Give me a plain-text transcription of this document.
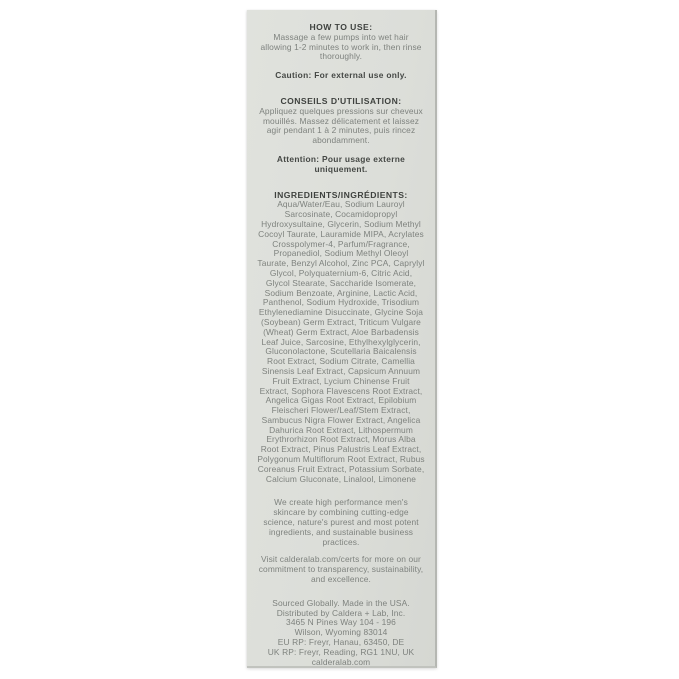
HOW TO USE:

Massage a few pumps into wet hair allowing 1-2 minutes to work in, then rinse thoroughly.

Caution: For external use only.

CONSEILS D'UTILISATION:

Appliquez quelques pressions sur cheveux mouillés. Massez délicatement et laissez agir pendant 1 à 2 minutes, puis rincez abondamment.

Attention: Pour usage externe uniquement.

INGREDIENTS/INGRÉDIENTS:

Aqua/Water/Eau, Sodium Lauroyl Sarcosinate, Cocamidopropyl Hydroxysultaine, Glycerin, Sodium Methyl Cocoyl Taurate, Lauramide MIPA, Acrylates Crosspolymer-4, Parfum/Fragrance, Propanediol, Sodium Methyl Oleoyl Taurate, Benzyl Alcohol, Zinc PCA, Caprylyl Glycol, Polyquaternium-6, Citric Acid, Glycol Stearate, Saccharide Isomerate, Sodium Benzoate, Arginine, Lactic Acid, Panthenol, Sodium Hydroxide, Trisodium Ethylenediamine Disuccinate, Glycine Soja (Soybean) Germ Extract, Triticum Vulgare (Wheat) Germ Extract, Aloe Barbadensis Leaf Juice, Sarcosine, Ethylhexylglycerin, Gluconolactone, Scutellaria Baicalensis Root Extract, Sodium Citrate, Camellia Sinensis Leaf Extract, Capsicum Annuum Fruit Extract, Lycium Chinense Fruit Extract, Sophora Flavescens Root Extract, Angelica Gigas Root Extract, Epilobium Fleischeri Flower/Leaf/Stem Extract, Sambucus Nigra Flower Extract, Angelica Dahurica Root Extract, Lithospermum Erythrorhizon Root Extract, Morus Alba Root Extract, Pinus Palustris Leaf Extract, Polygonum Multiflorum Root Extract, Rubus Coreanus Fruit Extract, Potassium Sorbate, Calcium Gluconate, Linalool, Limonene

We create high performance men's skincare by combining cutting-edge science, nature's purest and most potent ingredients, and sustainable business practices.

Visit calderalab.com/certs for more on our commitment to transparency, sustainability, and excellence.

Sourced Globally. Made in the USA.
Distributed by Caldera + Lab, Inc.
3465 N Pines Way 104 - 196
Wilson, Wyoming 83014
EU RP: Freyr, Hanau, 63450, DE
UK RP: Freyr, Reading, RG1 1NU, UK
calderalab.com
